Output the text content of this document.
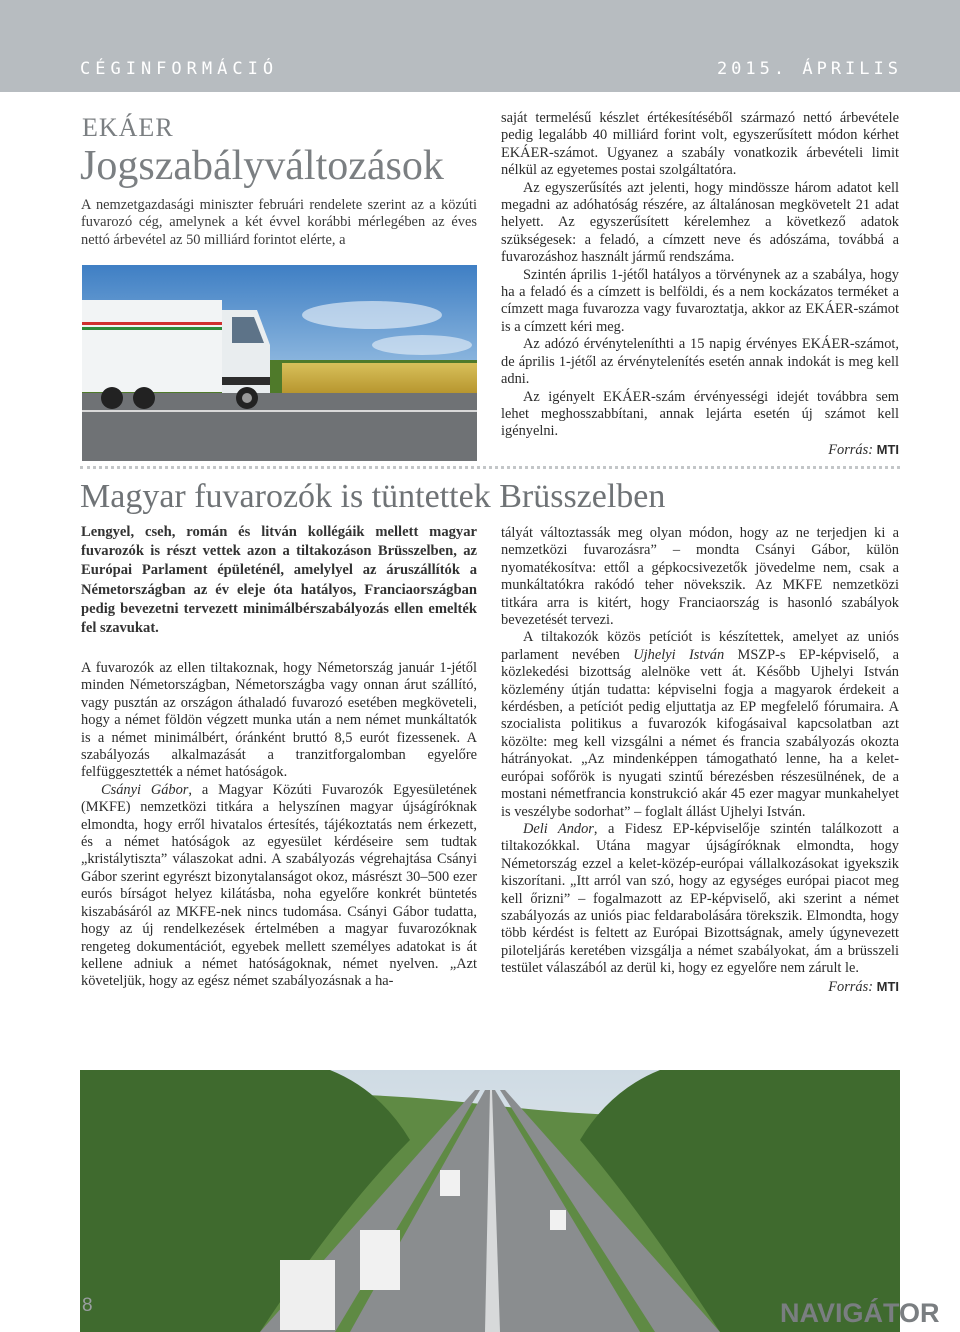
CÉGINFORMÁCIÓ	2015. ÁPRILIS
EKÁER
Jogszabályváltozások

A nemzetgazdasági miniszter februári rendelete szerint az a közúti fuvarozó cég, amelynek a két évvel korábbi mérlegében az éves nettó árbevétel az 50 milliárd forintot elérte, a

saját termelésű készlet értékesítéséből származó nettó árbevétele pedig legalább 40 milliárd forint volt, egyszerűsített módon kérhet EKÁER-számot. Ugyanez a szabály vonatkozik árbevételi limit nélkül az egyetemes postai szolgáltatóra.

Az egyszerűsítés azt jelenti, hogy mindössze három adatot kell megadni az adóhatóság részére, az általánosan megkövetelt 21 adat helyett. Az egyszerűsített kérelemhez a következő adatok szükségesek: a feladó, a címzett neve és adószáma, továbbá a fuvarozáshoz használt jármű rendszáma.

Szintén április 1-jétől hatályos a törvénynek az a szabálya, hogy ha a feladó és a címzett is belföldi, és a nem kockázatos terméket a címzett maga fuvarozza vagy fuvaroztatja, akkor az EKÁER-számot is a címzett kéri meg.

Az adózó érvényteleníthti a 15 napig érvényes EKÁER-számot, de április 1-jétől az érvénytelenítés esetén annak indokát is meg kell adni.

Az igényelt EKÁER-szám érvényességi idejét továbbra sem lehet meghosszabbítani, annak lejárta esetén új számot kell igényelni.

Forrás: MTI
Magyar fuvarozók is tüntettek Brüsszelben

Lengyel, cseh, román és litván kollégáik mellett magyar fuvarozók is részt vettek azon a tiltakozáson Brüsszelben, az Európai Parlament épületénél, amelylyel az áruszállítók a Németországban az év eleje óta hatályos, Franciaországban pedig bevezetni tervezett minimálbérszabályozás ellen emelték fel szavukat.

A fuvarozók az ellen tiltakoznak, hogy Németország január 1-jétől minden Németországban, Németországba vagy onnan árut szállító, vagy pusztán az országon áthaladó fuvarozó esetében megköveteli, hogy a német földön végzett munka után a nem német munkáltatók is a német minimálbért, óránként bruttó 8,5 eurót fizessenek. A szabályozás alkalmazását a tranzitforgalomban egyelőre felfüggesztették a német hatóságok.

Csányi Gábor, a Magyar Közúti Fuvarozók Egyesületének (MKFE) nemzetközi titkára a helyszínen magyar újságíróknak elmondta, hogy erről hivatalos értesítés, tájékoztatás nem érkezett, és a német hatóságok az egyesület kérdéseire sem tudtak „kristálytiszta” válaszokat adni. A szabályozás végrehajtása Csányi Gábor szerint egyrészt bizonytalanságot okoz, másrészt 30–500 ezer eurós bírságot helyez kilátásba, noha egyelőre konkrét büntetés kiszabásáról az MKFE-nek nincs tudomása. Csányi Gábor tudatta, hogy az új rendelkezések értelmében a magyar fuvarozóknak rengeteg dokumentációt, egyebek mellett személyes adatokat is át kellene adniuk a német hatóságoknak, német nyelven. „Azt követeljük, hogy az egész német szabályozásnak a ha-

tályát változtassák meg olyan módon, hogy az ne terjedjen ki a nemzetközi fuvarozásra” – mondta Csányi Gábor, külön nyomatékosítva: ettől a gépkocsivezetők jövedelme nem, csak a munkáltatókra rakódó teher növekszik. Az MKFE nemzetközi titkára arra is kitért, hogy Franciaország is hasonló szabályok bevezetését tervezi.

A tiltakozók közös petíciót is készítettek, amelyet az uniós parlament nevében Ujhelyi István MSZP-s EP-képviselő, a közlekedési bizottság alelnöke vett át. Később Ujhelyi István közlemény útján tudatta: képviselni fogja a magyarok érdekeit a kérdésben, a petíciót pedig eljuttatja az EP megfelelő fórumaira. A szocialista politikus a fuvarozók kifogásaival kapcsolatban azt közölte: meg kell vizsgálni a német és francia szabályozás okozta hátrányokat. „Az mindenképpen támogatható lenne, ha a kelet-európai sofőrök is nyugati szintű bérezésben részesülnének, de a mostani németfrancia konstrukció akár 45 ezer magyar munkahelyet is veszélybe sodorhat” – foglalt állást Ujhelyi István.

Deli Andor, a Fidesz EP-képviselője szintén találkozott a tiltakozókkal. Utána magyar újságíróknak elmondta, hogy Németország ezzel a kelet-közép-európai vállalkozásokat igyekszik kiszorítani. „Itt arról van szó, hogy az egységes európai piacot meg kell őrizni” – fogalmazott az EP-képviselő, aki szerint a német szabályozás az uniós piac feldarabolására törekszik. Elmondta, hogy több kérdést is feltett az Európai Bizottságnak, amely úgynevezett piloteljárás keretében vizsgálja a német szabályokat, ám a brüsszeli testület válaszából az derül ki, hogy ez egyelőre nem zárult le.

Forrás: MTI
8	NAVIGÁTOR
